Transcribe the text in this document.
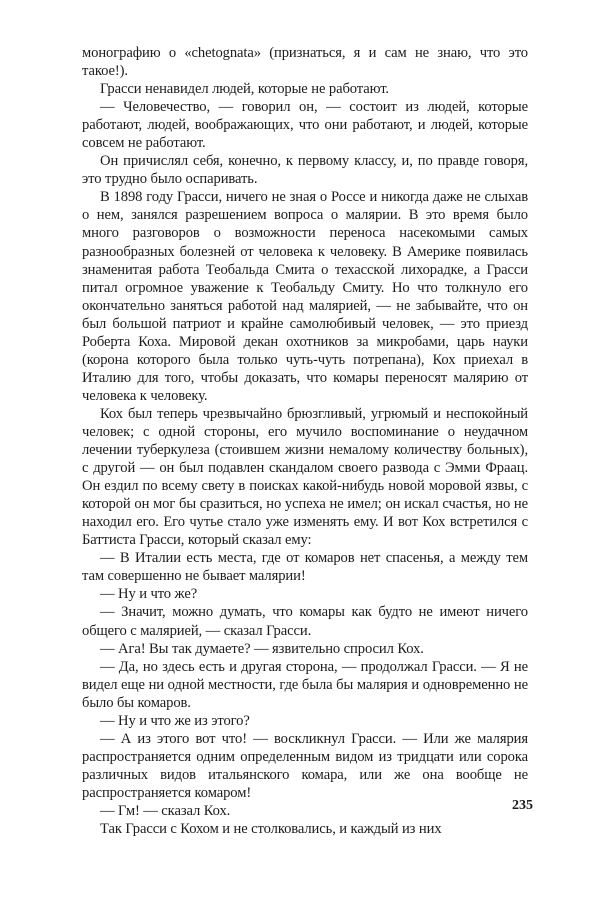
монографию о «chetognata» (признаться, я и сам не знаю, что это такое!).

Грасси ненавидел людей, которые не работают.

— Человечество, — говорил он, — состоит из людей, которые работают, людей, воображающих, что они работают, и людей, которые совсем не работают.

Он причислял себя, конечно, к первому классу, и, по правде говоря, это трудно было оспаривать.

В 1898 году Грасси, ничего не зная о Россе и никогда даже не слыхав о нем, занялся разрешением вопроса о малярии. В это время было много разговоров о возможности переноса насекомыми самых разнообразных болезней от человека к человеку. В Америке появилась знаменитая работа Теобальда Смита о техасской лихорадке, а Грасси питал огромное уважение к Теобальду Смиту. Но что толкнуло его окончательно заняться работой над малярией, — не забывайте, что он был большой патриот и крайне самолюбивый человек, — это приезд Роберта Коха. Мировой декан охотников за микробами, царь науки (корона которого была только чуть-чуть потрепана), Кох приехал в Италию для того, чтобы доказать, что комары переносят малярию от человека к человеку.

Кох был теперь чрезвычайно брюзгливый, угрюмый и неспокойный человек; с одной стороны, его мучило воспоминание о неудачном лечении туберкулеза (стоившем жизни немалому количеству больных), с другой — он был подавлен скандалом своего развода с Эмми Фраац. Он ездил по всему свету в поисках какой-нибудь новой моровой язвы, с которой он мог бы сразиться, но успеха не имел; он искал счастья, но не находил его. Его чутье стало уже изменять ему. И вот Кох встретился с Баттиста Грасси, который сказал ему:

— В Италии есть места, где от комаров нет спасенья, а между тем там совершенно не бывает малярии!

— Ну и что же?

— Значит, можно думать, что комары как будто не имеют ничего общего с малярией, — сказал Грасси.

— Ага! Вы так думаете? — язвительно спросил Кох.

— Да, но здесь есть и другая сторона, — продолжал Грасси. — Я не видел еще ни одной местности, где была бы малярия и одновременно не было бы комаров.

— Ну и что же из этого?

— А из этого вот что! — воскликнул Грасси. — Или же малярия распространяется одним определенным видом из тридцати или сорока различных видов итальянского комара, или же она вообще не распространяется комаром!

— Гм! — сказал Кох.

Так Грасси с Кохом и не столковались, и каждый из них

235
